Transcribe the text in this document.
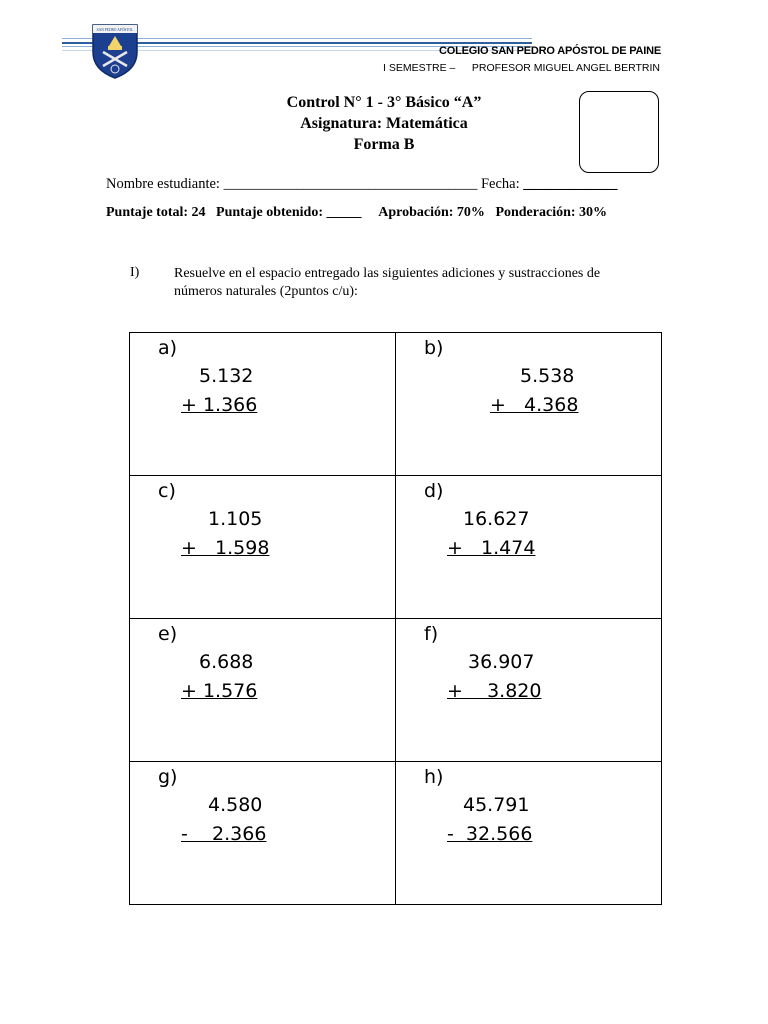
SAN PEDRO APÓSTOL
COLEGIO SAN PEDRO APÓSTOL DE PAINE
I SEMESTRE – PROFESOR MIGUEL ANGEL BERTRIN
Control N° 1 - 3° Básico “A”
Asignatura: Matemática
Forma B
Nombre estudiante: ___________________________________ Fecha: _____________
Puntaje total: 24 Puntaje obtenido: _____ Aprobación: 70% Ponderación: 30%
I) Resuelve en el espacio entregado las siguientes adiciones y sustracciones de números naturales (2puntos c/u):
a)
5.132
+ 1.366	b)
5.538
+   4.368

c)
1.105
+   1.598	d)
16.627
+   1.474

e)
6.688
+ 1.576	f)
36.907
+    3.820

g)
4.580
-    2.366	h)
45.791
-  32.566
